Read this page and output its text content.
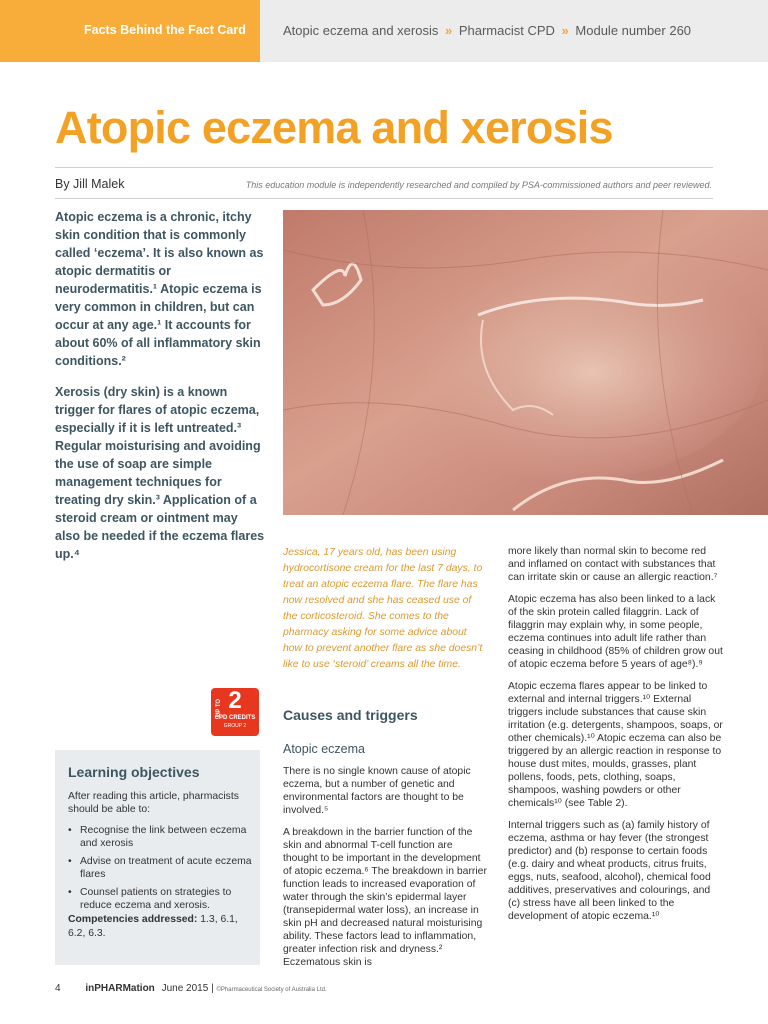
Facts Behind the Fact Card	Atopic eczema and xerosis » Pharmacist CPD » Module number 260
Atopic eczema and xerosis
By Jill Malek	This education module is independently researched and compiled by PSA-commissioned authors and peer reviewed.

Atopic eczema is a chronic, itchy skin condition that is commonly called ‘eczema’. It is also known as atopic dermatitis or neurodermatitis.¹ Atopic eczema is very common in children, but can occur at any age.¹ It accounts for about 60% of all inflammatory skin conditions.²

Xerosis (dry skin) is a known trigger for flares of atopic eczema, especially if it is left untreated.³ Regular moisturising and avoiding the use of soap are simple management techniques for treating dry skin.³ Application of a steroid cream or ointment may also be needed if the eczema flares up.⁴	Jessica, 17 years old, has been using hydrocortisone cream for the last 7 days, to treat an atopic eczema flare. The flare has now resolved and she has ceased use of the corticosteroid. She comes to the pharmacy asking for some advice about how to prevent another flare as she doesn’t like to use ‘steroid’ creams all the time.

UP TO 2
CPD CREDITS
GROUP 2
Learning objectives

After reading this article, pharmacists should be able to:

• Recognise the link between eczema and xerosis
• Advise on treatment of acute eczema flares
• Counsel patients on strategies to reduce eczema and xerosis.

Competencies addressed: 1.3, 6.1, 6.2, 6.3.

Causes and triggers
Atopic eczema

There is no single known cause of atopic eczema, but a number of genetic and environmental factors are thought to be involved.⁵

A breakdown in the barrier function of the skin and abnormal T-cell function are thought to be important in the development of atopic eczema.⁶ The breakdown in barrier function leads to increased evaporation of water through the skin’s epidermal layer (transepidermal water loss), an increase in skin pH and decreased natural moisturising ability. These factors lead to inflammation, greater infection risk and dryness.² Eczematous skin is

more likely than normal skin to become red and inflamed on contact with substances that can irritate skin or cause an allergic reaction.⁷

Atopic eczema has also been linked to a lack of the skin protein called filaggrin. Lack of filaggrin may explain why, in some people, eczema continues into adult life rather than ceasing in childhood (85% of children grow out of atopic eczema before 5 years of age⁸).⁹

Atopic eczema flares appear to be linked to external and internal triggers.¹⁰ External triggers include substances that cause skin irritation (e.g. detergents, shampoos, soaps, or other chemicals).¹⁰ Atopic eczema can also be triggered by an allergic reaction in response to house dust mites, moulds, grasses, plant pollens, foods, pets, clothing, soaps, shampoos, washing powders or other chemicals¹⁰ (see Table 2).

Internal triggers such as (a) family history of eczema, asthma or hay fever (the strongest predictor) and (b) response to certain foods (e.g. dairy and wheat products, citrus fruits, eggs, nuts, seafood, alcohol), chemical food additives, preservatives and colourings, and (c) stress have all been linked to the development of atopic eczema.¹⁰

4 inPHARMation June 2015 | ©Pharmaceutical Society of Australia Ltd.
